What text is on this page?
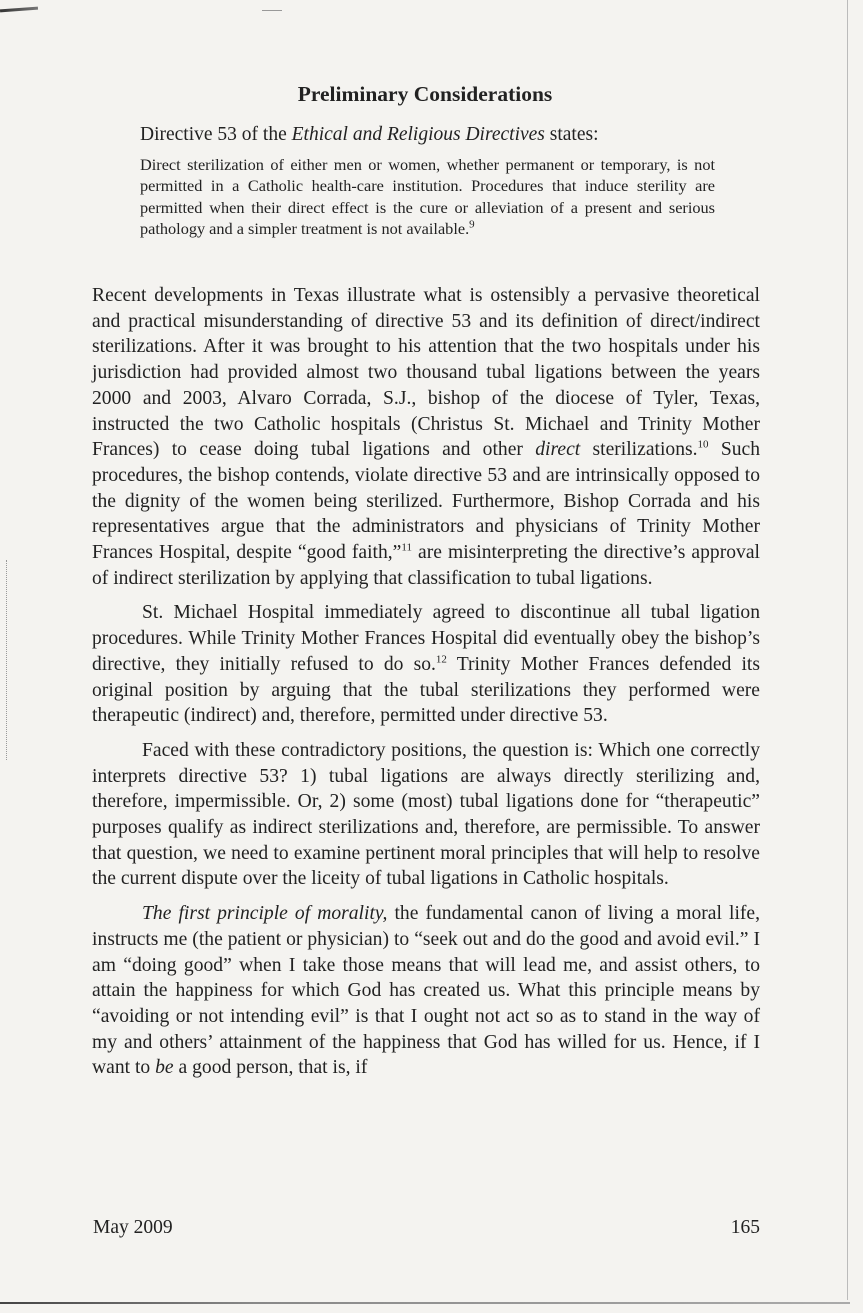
Preliminary Considerations
Directive 53 of the Ethical and Religious Directives states:
Direct sterilization of either men or women, whether permanent or temporary, is not permitted in a Catholic health-care institution. Procedures that induce sterility are permitted when their direct effect is the cure or alleviation of a present and serious pathology and a simpler treatment is not available.$^9$

Recent developments in Texas illustrate what is ostensibly a pervasive theoretical and practical misunderstanding of directive 53 and its definition of direct/indirect sterilizations. After it was brought to his attention that the two hospitals under his jurisdiction had provided almost two thousand tubal ligations between the years 2000 and 2003, Alvaro Corrada, S.J., bishop of the diocese of Tyler, Texas, instructed the two Catholic hospitals (Christus St. Michael and Trinity Mother Frances) to cease doing tubal ligations and other direct sterilizations.$^{10}$ Such procedures, the bishop contends, violate directive 53 and are intrinsically opposed to the dignity of the women being sterilized. Furthermore, Bishop Corrada and his representatives argue that the administrators and physicians of Trinity Mother Frances Hospital, despite “good faith,”$^{11}$ are misinterpreting the directive’s approval of indirect sterilization by applying that classification to tubal ligations.

St. Michael Hospital immediately agreed to discontinue all tubal ligation procedures. While Trinity Mother Frances Hospital did eventually obey the bishop’s directive, they initially refused to do so.$^{12}$ Trinity Mother Frances defended its original position by arguing that the tubal sterilizations they performed were therapeutic (indirect) and, therefore, permitted under directive 53.

Faced with these contradictory positions, the question is: Which one correctly interprets directive 53? 1) tubal ligations are always directly sterilizing and, therefore, impermissible. Or, 2) some (most) tubal ligations done for “therapeutic” purposes qualify as indirect sterilizations and, therefore, are permissible. To answer that question, we need to examine pertinent moral principles that will help to resolve the current dispute over the liceity of tubal ligations in Catholic hospitals.

The first principle of morality, the fundamental canon of living a moral life, instructs me (the patient or physician) to “seek out and do the good and avoid evil.” I am “doing good” when I take those means that will lead me, and assist others, to attain the happiness for which God has created us. What this principle means by “avoiding or not intending evil” is that I ought not act so as to stand in the way of my and others’ attainment of the happiness that God has willed for us. Hence, if I want to be a good person, that is, if

May 2009	165
